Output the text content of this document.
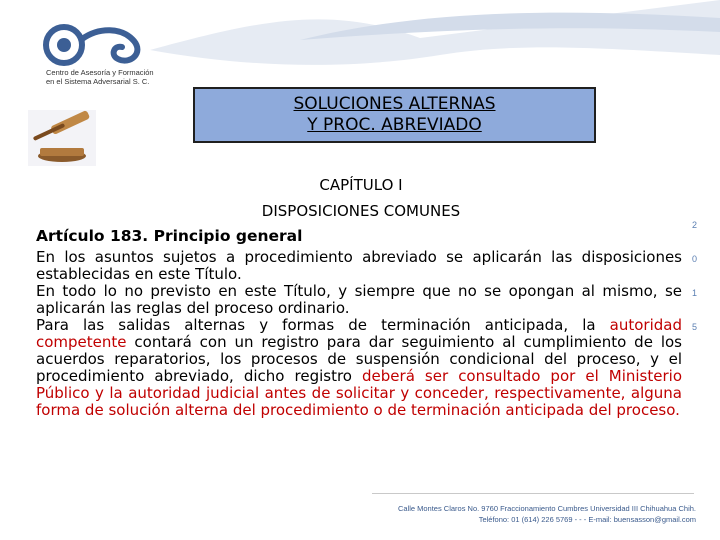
Centro de Asesoría y Formación
en el Sistema Adversarial S. C.
SOLUCIONES ALTERNAS
Y PROC. ABREVIADO
CAPÍTULO I
DISPOSICIONES COMUNES
Artículo 183. Principio general

En los asuntos sujetos a procedimiento abreviado se aplicarán las disposiciones establecidas en este Título.

En todo lo no previsto en este Título, y siempre que no se opongan al mismo, se aplicarán las reglas del proceso ordinario.

Para las salidas alternas y formas de terminación anticipada, la autoridad competente contará con un registro para dar seguimiento al cumplimiento de los acuerdos reparatorios, los procesos de suspensión condicional del proceso, y el procedimiento abreviado, dicho registro deberá ser consultado por el Ministerio Público y la autoridad judicial antes de solicitar y conceder, respectivamente, alguna forma de solución alterna del procedimiento o de terminación anticipada del proceso.

2
0
1
5
Calle Montes Claros No. 9760 Fraccionamiento Cumbres Universidad III Chihuahua Chih.
Teléfono: 01 (614) 226 5769 - - - E-mail: buensasson@gmail.com
